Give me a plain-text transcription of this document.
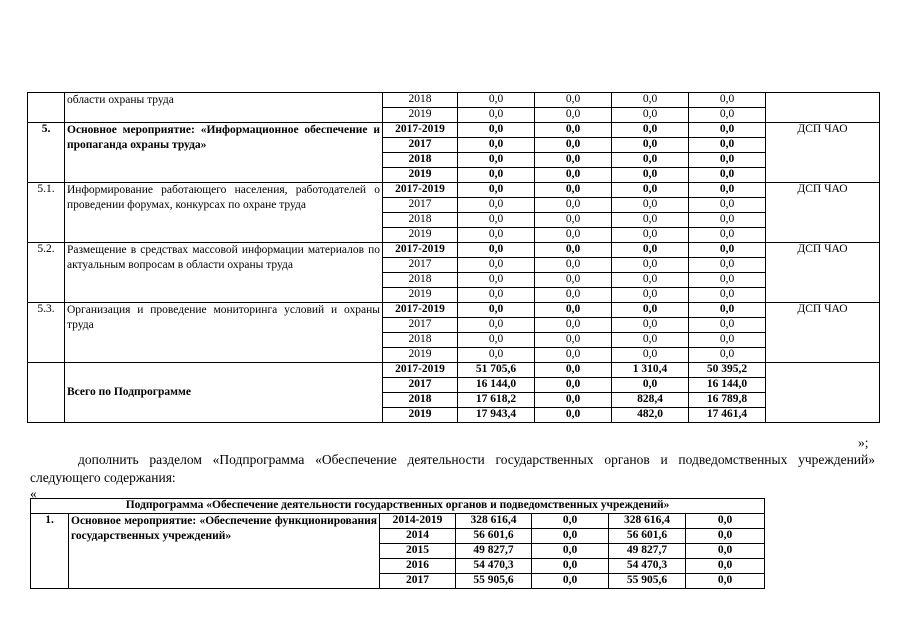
	области охраны труда	2018	0,0	0,0	0,0	0,0	
		2019	0,0	0,0	0,0	0,0	
5.	Основное мероприятие: «Информационное обеспечение и пропаганда охраны труда»	2017-2019	0,0	0,0	0,0	0,0	ДСП ЧАО
		2017	0,0	0,0	0,0	0,0	
		2018	0,0	0,0	0,0	0,0	
		2019	0,0	0,0	0,0	0,0	
5.1.	Информирование работающего населения, работодателей о проведении форумах, конкурсах по охране труда	2017-2019	0,0	0,0	0,0	0,0	ДСП ЧАО
		2017	0,0	0,0	0,0	0,0	
		2018	0,0	0,0	0,0	0,0	
		2019	0,0	0,0	0,0	0,0	
5.2.	Размещение в средствах массовой информации материалов по актуальным вопросам в области охраны труда	2017-2019	0,0	0,0	0,0	0,0	ДСП ЧАО
		2017	0,0	0,0	0,0	0,0	
		2018	0,0	0,0	0,0	0,0	
		2019	0,0	0,0	0,0	0,0	
5.3.	Организация и проведение мониторинга условий и охраны труда	2017-2019	0,0	0,0	0,0	0,0	ДСП ЧАО
		2017	0,0	0,0	0,0	0,0	
		2018	0,0	0,0	0,0	0,0	
		2019	0,0	0,0	0,0	0,0	
	Всего по Подпрограмме	2017-2019	51 705,6	0,0	1 310,4	50 395,2	
		2017	16 144,0	0,0	0,0	16 144,0	
		2018	17 618,2	0,0	828,4	16 789,8	
		2019	17 943,4	0,0	482,0	17 461,4	
»;
дополнить разделом «Подпрограмма «Обеспечение деятельности государственных органов и подведомственных учреждений» следующего содержания:
«
Подпрограмма «Обеспечение деятельности государственных органов и подведомственных учреждений»						
1.	Основное мероприятие: «Обеспечение функционирования государственных учреждений»	2014-2019	328 616,4	0,0	328 616,4	0,0
		2014	56 601,6	0,0	56 601,6	0,0
		2015	49 827,7	0,0	49 827,7	0,0
		2016	54 470,3	0,0	54 470,3	0,0
		2017	55 905,6	0,0	55 905,6	0,0
